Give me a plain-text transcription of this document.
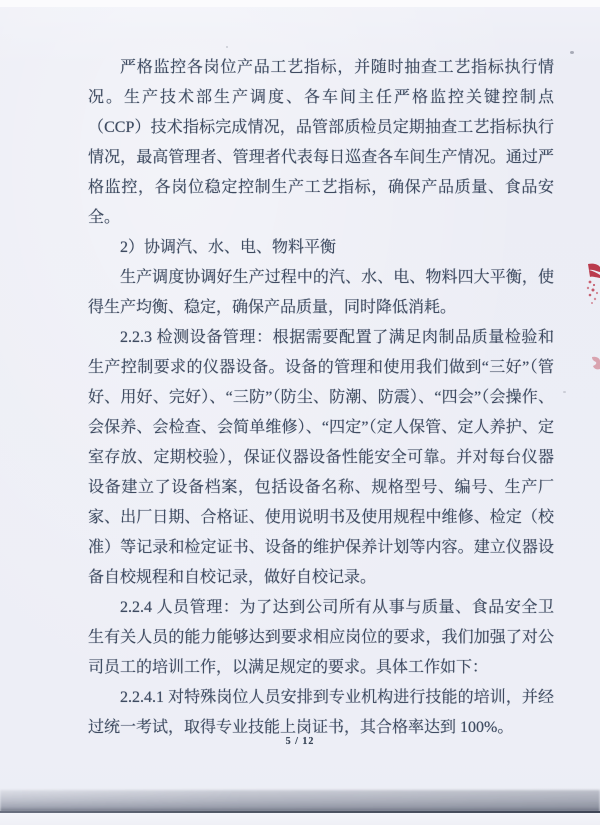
严格监控各岗位产品工艺指标，并随时抽查工艺指标执行情况。生产技术部生产调度、各车间主任严格监控关键控制点（CCP）技术指标完成情况，品管部质检员定期抽查工艺指标执行情况，最高管理者、管理者代表每日巡查各车间生产情况。通过严格监控，各岗位稳定控制生产工艺指标，确保产品质量、食品安全。

2）协调汽、水、电、物料平衡

生产调度协调好生产过程中的汽、水、电、物料四大平衡，使得生产均衡、稳定，确保产品质量，同时降低消耗。

2.2.3 检测设备管理：根据需要配置了满足肉制品质量检验和生产控制要求的仪器设备。设备的管理和使用我们做到“三好”（管好、用好、完好）、“三防”（防尘、防潮、防震）、“四会”（会操作、会保养、会检查、会简单维修）、“四定”（定人保管、定人养护、定室存放、定期校验），保证仪器设备性能安全可靠。并对每台仪器设备建立了设备档案，包括设备名称、规格型号、编号、生产厂家、出厂日期、合格证、使用说明书及使用规程中维修、检定（校准）等记录和检定证书、设备的维护保养计划等内容。建立仪器设备自校规程和自校记录，做好自校记录。

2.2.4 人员管理：为了达到公司所有从事与质量、食品安全卫生有关人员的能力能够达到要求相应岗位的要求，我们加强了对公司员工的培训工作，以满足规定的要求。具体工作如下：

2.2.4.1 对特殊岗位人员安排到专业机构进行技能的培训，并经过统一考试，取得专业技能上岗证书，其合格率达到 100%。

5 / 12
